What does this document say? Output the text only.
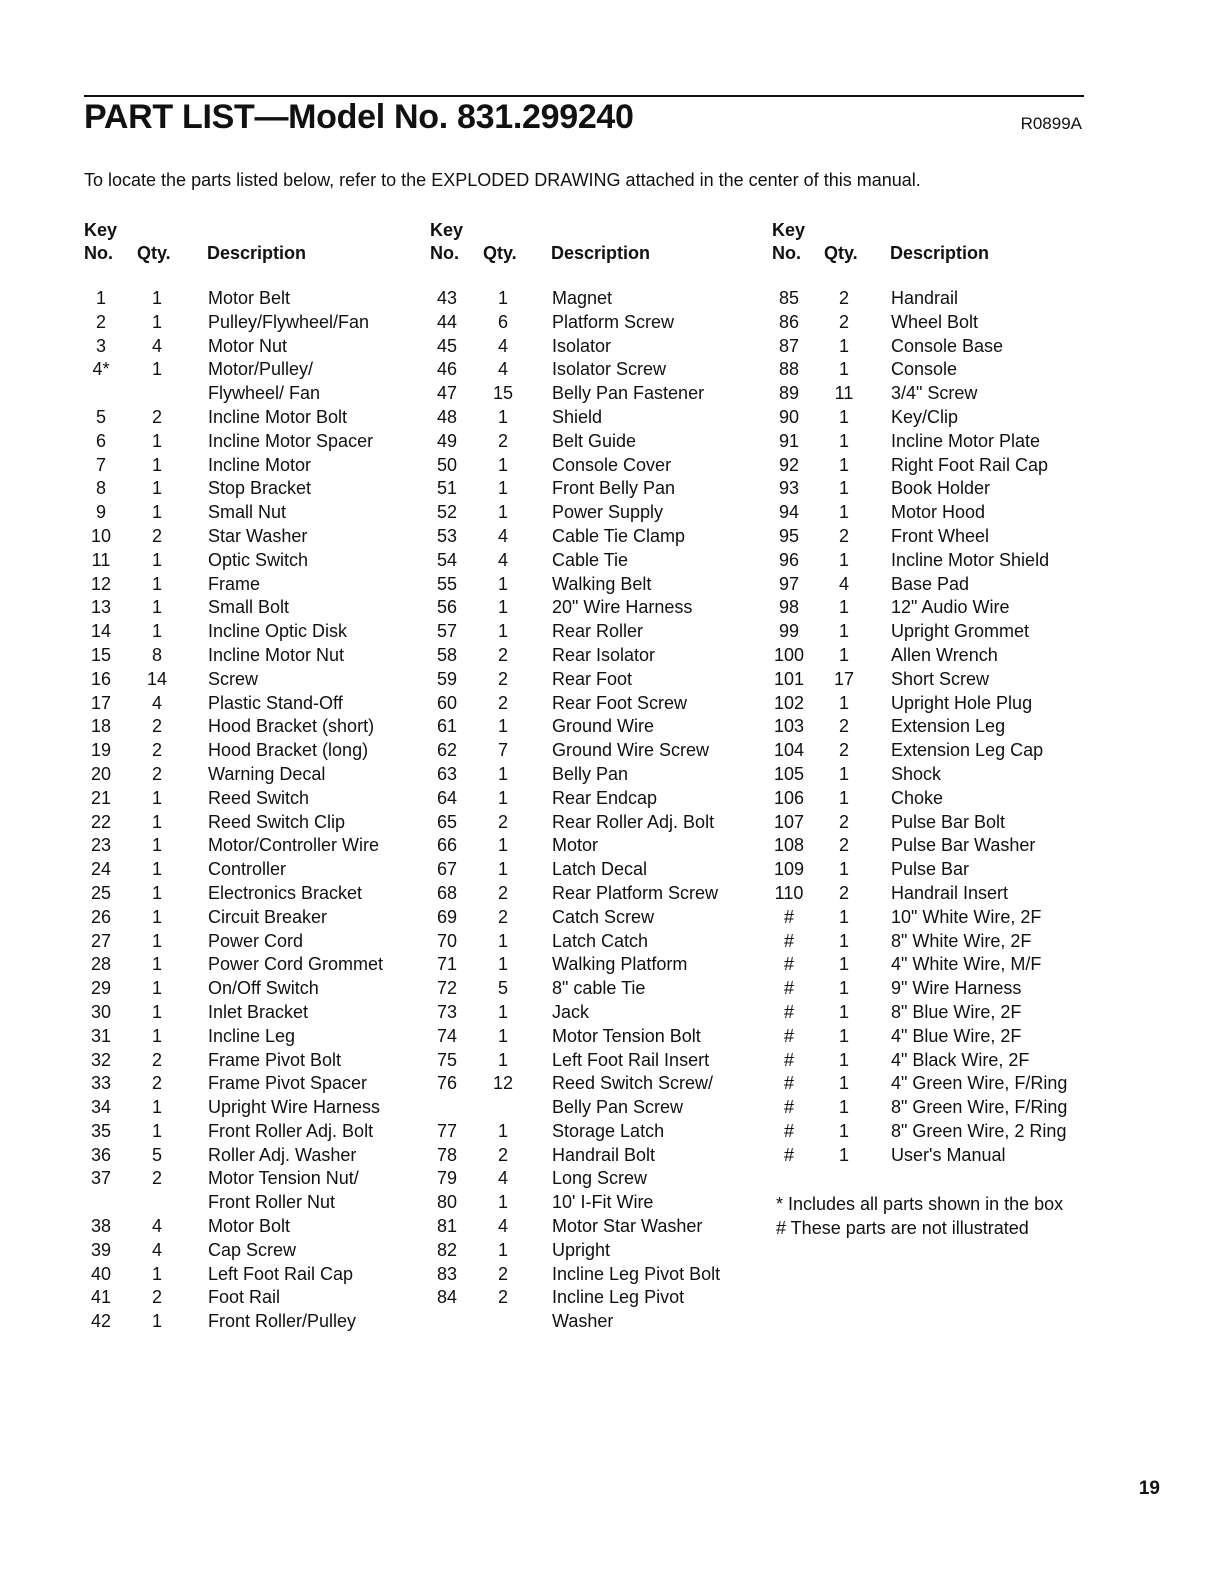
PART LIST—Model No. 831.299240	R0899A
To locate the parts listed below, refer to the EXPLODED DRAWING attached in the center of this manual.
Key
No. Qty. Description
1	1	Motor Belt
2	1	Pulley/Flywheel/Fan
3	4	Motor Nut
4*	1	Motor/Pulley/
Flywheel/ Fan
5	2	Incline Motor Bolt
6	1	Incline Motor Spacer
7	1	Incline Motor
8	1	Stop Bracket
9	1	Small Nut
10	2	Star Washer
11	1	Optic Switch
12	1	Frame
13	1	Small Bolt
14	1	Incline Optic Disk
15	8	Incline Motor Nut
16	14 Screw
17	4	Plastic Stand-Off
18	2	Hood Bracket (short)
19	2	Hood Bracket (long)
20	2	Warning Decal
21	1	Reed Switch
22	1	Reed Switch Clip
23	1	Motor/Controller Wire
24	1	Controller
25	1	Electronics Bracket
26	1	Circuit Breaker
27	1	Power Cord
28	1	Power Cord Grommet
29	1	On/Off Switch
30	1	Inlet Bracket
31	1	Incline Leg
32	2	Frame Pivot Bolt
33	2	Frame Pivot Spacer
34	1	Upright Wire Harness
35	1	Front Roller Adj. Bolt
36	5	Roller Adj. Washer
37	2	Motor Tension Nut/
Front Roller Nut
38	4	Motor Bolt
39	4	Cap Screw
40	1	Left Foot Rail Cap
41	2	Foot Rail
42	1	Front Roller/Pulley
Key
No. Qty. Description
43	1	Magnet
44	6	Platform Screw
45	4	Isolator
46	4	Isolator Screw
47	15 Belly Pan Fastener
48	1	Shield
49	2	Belt Guide
50	1	Console Cover
51	1	Front Belly Pan
52	1	Power Supply
53	4	Cable Tie Clamp
54	4	Cable Tie
55	1	Walking Belt
56	1	20" Wire Harness
57	1	Rear Roller
58	2	Rear Isolator
59	2	Rear Foot
60	2	Rear Foot Screw
61	1	Ground Wire
62	7	Ground Wire Screw
63	1	Belly Pan
64	1	Rear Endcap
65	2	Rear Roller Adj. Bolt
66	1	Motor
67	1	Latch Decal
68	2	Rear Platform Screw
69	2	Catch Screw
70	1	Latch Catch
71	1	Walking Platform
72	5	8" cable Tie
73	1	Jack
74	1	Motor Tension Bolt
75	1	Left Foot Rail Insert
76	12 Reed Switch Screw/
Belly Pan Screw
77	1	Storage Latch
78	2	Handrail Bolt
79	4	Long Screw
80	1	10' I-Fit Wire
81	4	Motor Star Washer
82	1	Upright
83	2	Incline Leg Pivot Bolt
84	2	Incline Leg Pivot
Washer
Key
No. Qty. Description
85	2	Handrail
86	2	Wheel Bolt
87	1	Console Base
88	1	Console
89	11 3/4" Screw
90	1	Key/Clip
91	1	Incline Motor Plate
92	1	Right Foot Rail Cap
93	1	Book Holder
94	1	Motor Hood
95	2	Front Wheel
96	1	Incline Motor Shield
97	4	Base Pad
98	1	12" Audio Wire
99	1	Upright Grommet
100	1	Allen Wrench
101 17 Short Screw
102	1	Upright Hole Plug
103	2	Extension Leg
104	2	Extension Leg Cap
105	1	Shock
106	1	Choke
107	2	Pulse Bar Bolt
108	2	Pulse Bar Washer
109	1	Pulse Bar
110	2	Handrail Insert
#	1	10" White Wire, 2F
#	1	8" White Wire, 2F
#	1	4" White Wire, M/F
#	1	9" Wire Harness
#	1	8" Blue Wire, 2F
#	1	4" Blue Wire, 2F
#	1	4" Black Wire, 2F
#	1	4" Green Wire, F/Ring
#	1	8" Green Wire, F/Ring
#	1	8" Green Wire, 2 Ring
#	1	User's Manual
* Includes all parts shown in the box
# These parts are not illustrated
19
